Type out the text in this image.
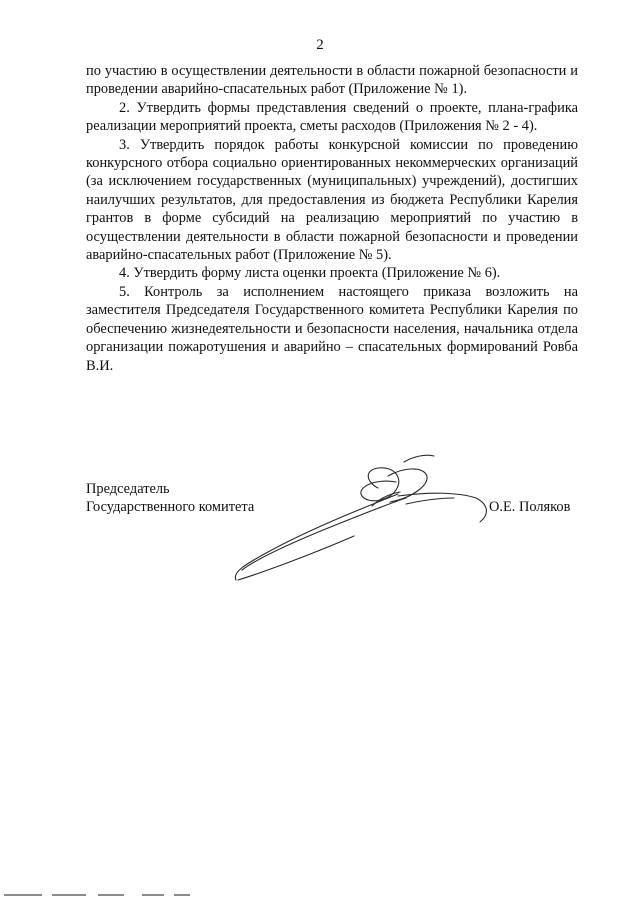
2

по участию в осуществлении деятельности в области пожарной безопасности и проведении аварийно-спасательных работ (Приложение № 1).

2. Утвердить формы представления сведений о проекте, плана-графика реализации мероприятий проекта, сметы расходов (Приложения № 2 - 4).

3. Утвердить порядок работы конкурсной комиссии по проведению конкурсного отбора социально ориентированных некоммерческих организаций (за исключением государственных (муниципальных) учреждений), достигших наилучших результатов, для предоставления из бюджета Республики Карелия грантов в форме субсидий на реализацию мероприятий по участию в осуществлении деятельности в области пожарной безопасности и проведении аварийно-спасательных работ (Приложение № 5).

4. Утвердить форму листа оценки проекта (Приложение № 6).

5. Контроль за исполнением настоящего приказа возложить на заместителя Председателя Государственного комитета Республики Карелия по обеспечению жизнедеятельности и безопасности населения, начальника отдела организации пожаротушения и аварийно – спасательных формирований Ровба В.И.

Председатель
Государственного комитета	О.Е. Поляков
